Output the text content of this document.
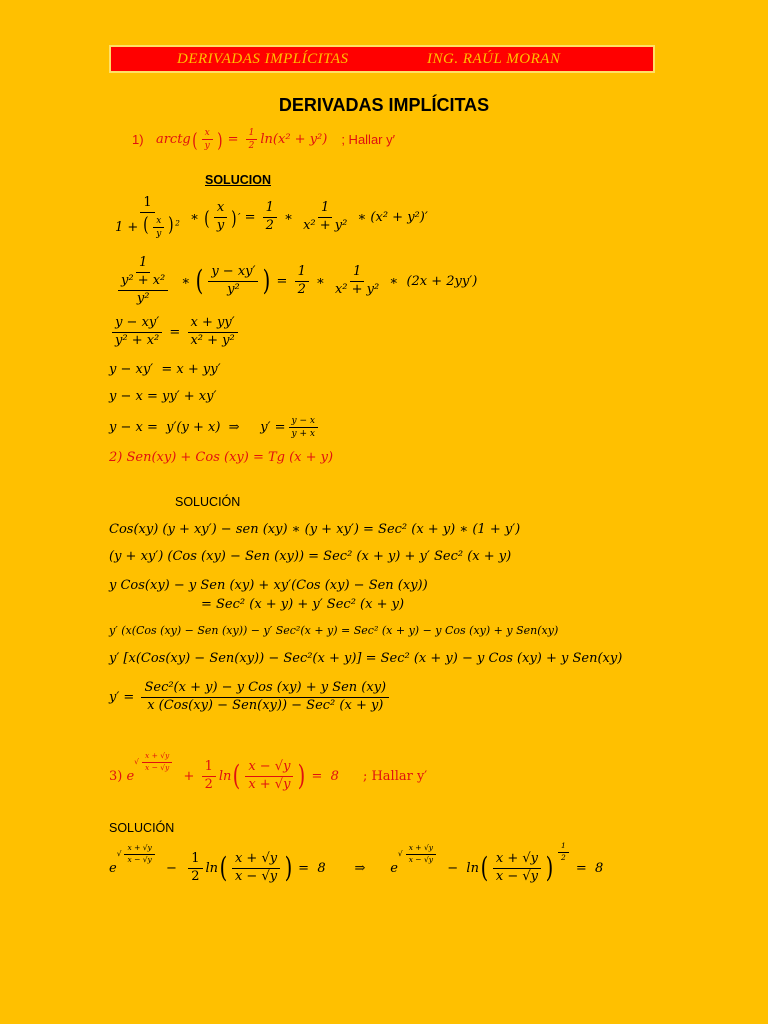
DERIVADAS IMPLÍCITAS	ING. RAÚL MORAN
DERIVADAS IMPLÍCITAS
1) arctg ( $\frac{x}{y}$ ) = $\frac{1}{2} \ln(x^2 + y^2)$ ; Hallar y′
SOLUCION
$\frac{1}{1 + ( \frac{x}{y} )^2}$ ∗ ( $\frac{x}{y}$ ) ′ = $\frac{1}{2}$ ∗ $\frac{1}{\text{x² + y²}}$ ∗ (x² + y²)′
$\frac{1}{\frac{\text{y² + x²}}{\text{y²}}}$ ∗ ( $\frac{y - xy'}{\text{y²}}$ ) = $\frac{1}{2}$ ∗ $\frac{1}{\text{x² + y²}}$ ∗  (2x + 2yy′)
$\frac{y - xy'}{\text{y² + x²}} = \frac{x + yy'}{\text{x² + y²}}$
y − xy′  = x + yy′
y − x = yy′ + xy′
y − x =  y′(y + x)  ⇒     $y' = \frac{y - x}{y + x}$
2) Sen(xy) + Cos (xy) = Tg (x + y)
SOLUCIÓN
Cos(xy) (y + xy′) − sen (xy) ∗ (y + xy′) = Sec² (x + y) ∗ (1 + y′)
(y + xy′) (Cos (xy) − Sen (xy)) = Sec² (x + y) + y′ Sec² (x + y)
y Cos(xy) − y Sen (xy) + xy′(Cos (xy) − Sen (xy))
= Sec² (x + y) + y′ Sec² (x + y)
y′ (x(Cos (xy) − Sen (xy)) − y′ Sec²(x + y) = Sec² (x + y) − y Cos (xy) + y Sen(xy)
y′ [x(Cos(xy) − Sen(xy)) − Sec²(x + y)] = Sec² (x + y) − y Cos (xy) + y Sen(xy)
y′ =
$\frac{\text{Sec²(x + y) − y Cos (xy) + y Sen (xy)}}{\text{x (Cos(xy) − Sen(xy)) − Sec² (x + y)}}$
3) e
√ $\frac{x + √y}{x - √y}$
+ $\frac{1}{2}$ ln ( $\frac{x - √y}{x + √y}$ ) =  8 ; Hallar y′
SOLUCIÓN
e
√ $\frac{x + √y}{x - √y}$
− $\frac{1}{2}$ ln ( $\frac{x + √y}{x - √y}$ ) =  8       ⇒      e
√ $\frac{x + √y}{x - √y}$
−  ln ( $\frac{x + √y}{x - √y}$ ) $\frac{1}{2}$
=  8
